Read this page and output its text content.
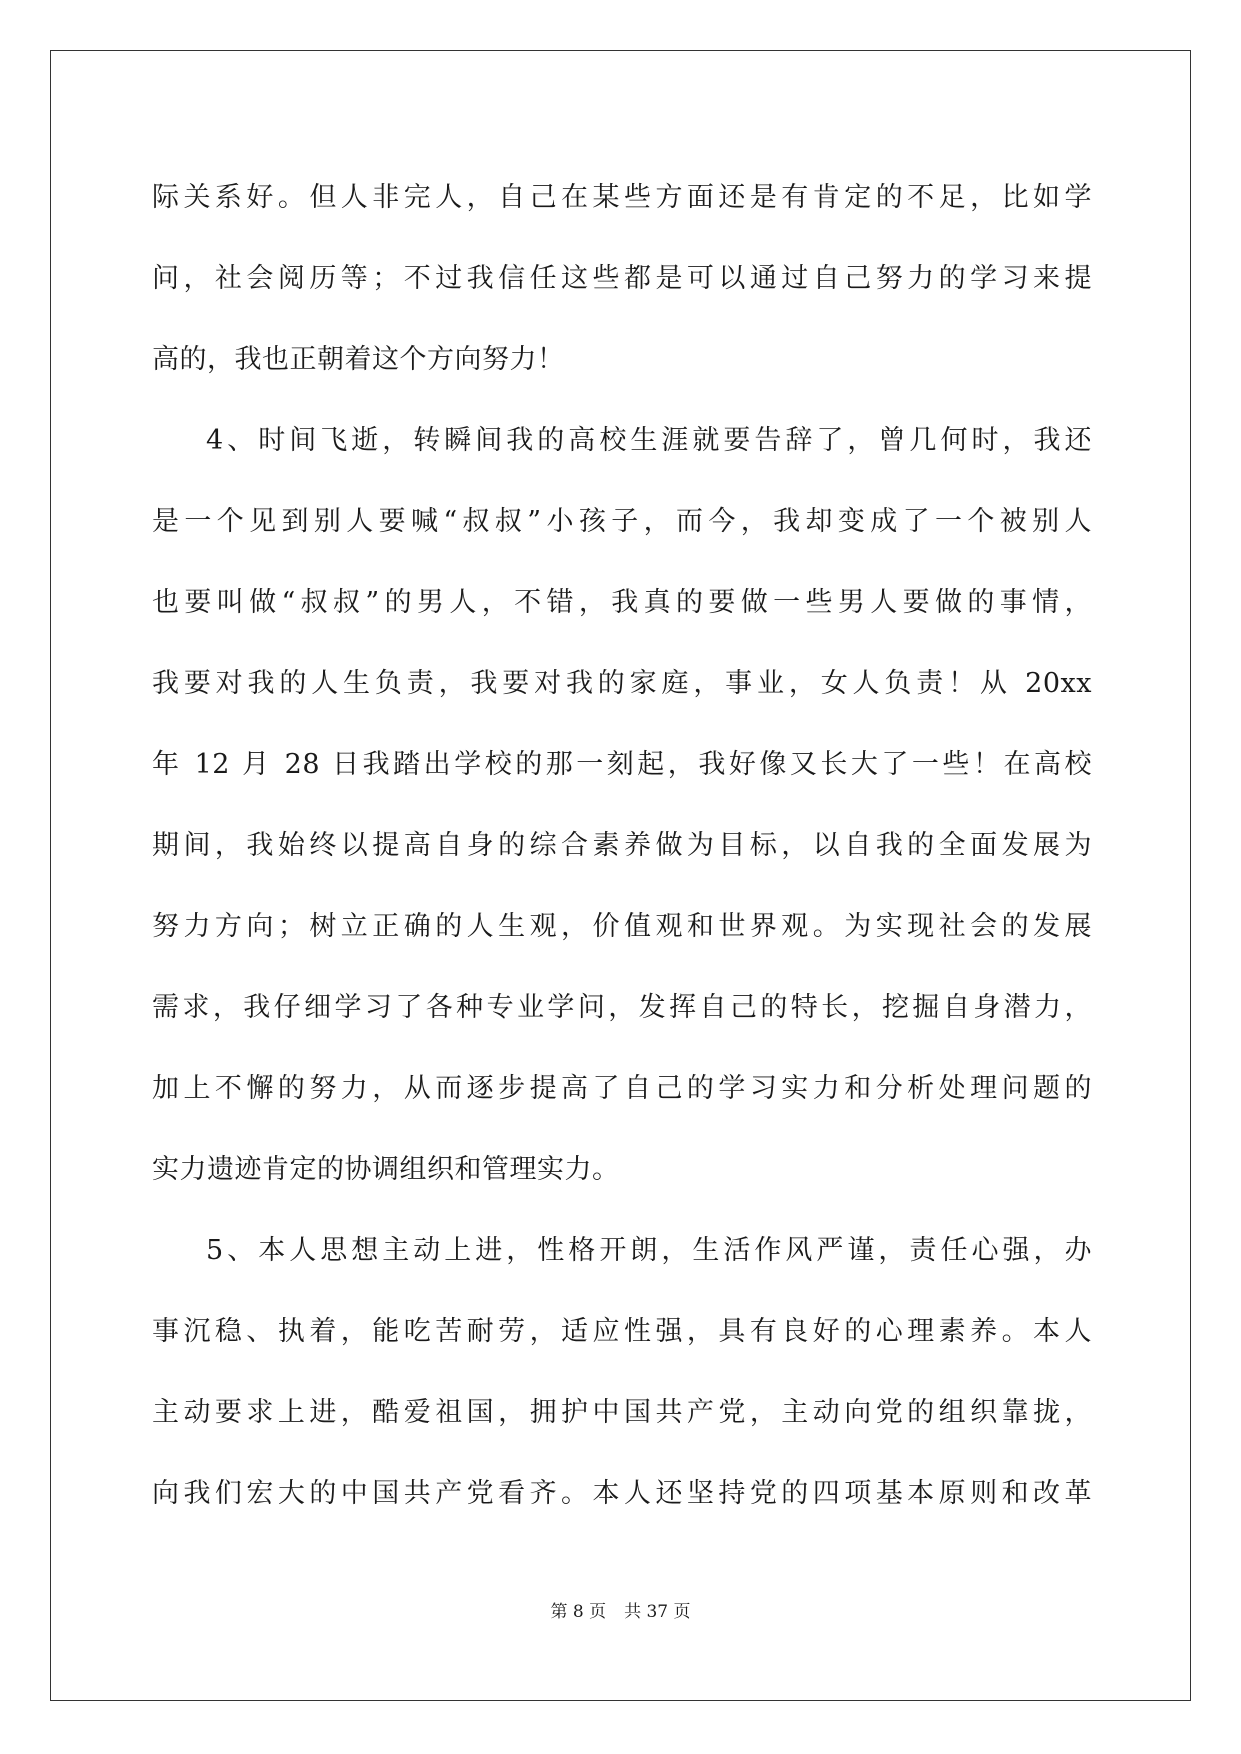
际关系好。但人非完人，自己在某些方面还是有肯定的不足，比如学
问，社会阅历等；不过我信任这些都是可以通过自己努力的学习来提
高的，我也正朝着这个方向努力！
4、时间飞逝，转瞬间我的高校生涯就要告辞了，曾几何时，我还
是一个见到别人要喊“叔叔”小孩子，而今，我却变成了一个被别人
也要叫做“叔叔”的男人，不错，我真的要做一些男人要做的事情，
我要对我的人生负责，我要对我的家庭，事业，女人负责！从 20xx
年 12 月 28 日我踏出学校的那一刻起，我好像又长大了一些！在高校
期间，我始终以提高自身的综合素养做为目标，以自我的全面发展为
努力方向；树立正确的人生观，价值观和世界观。为实现社会的发展
需求，我仔细学习了各种专业学问，发挥自己的特长，挖掘自身潜力，
加上不懈的努力，从而逐步提高了自己的学习实力和分析处理问题的
实力遗迹肯定的协调组织和管理实力。
5、本人思想主动上进，性格开朗，生活作风严谨，责任心强，办
事沉稳、执着，能吃苦耐劳，适应性强，具有良好的心理素养。本人
主动要求上进，酷爱祖国，拥护中国共产党，主动向党的组织靠拢，
向我们宏大的中国共产党看齐。本人还坚持党的四项基本原则和改革
第 8 页 共 37 页
